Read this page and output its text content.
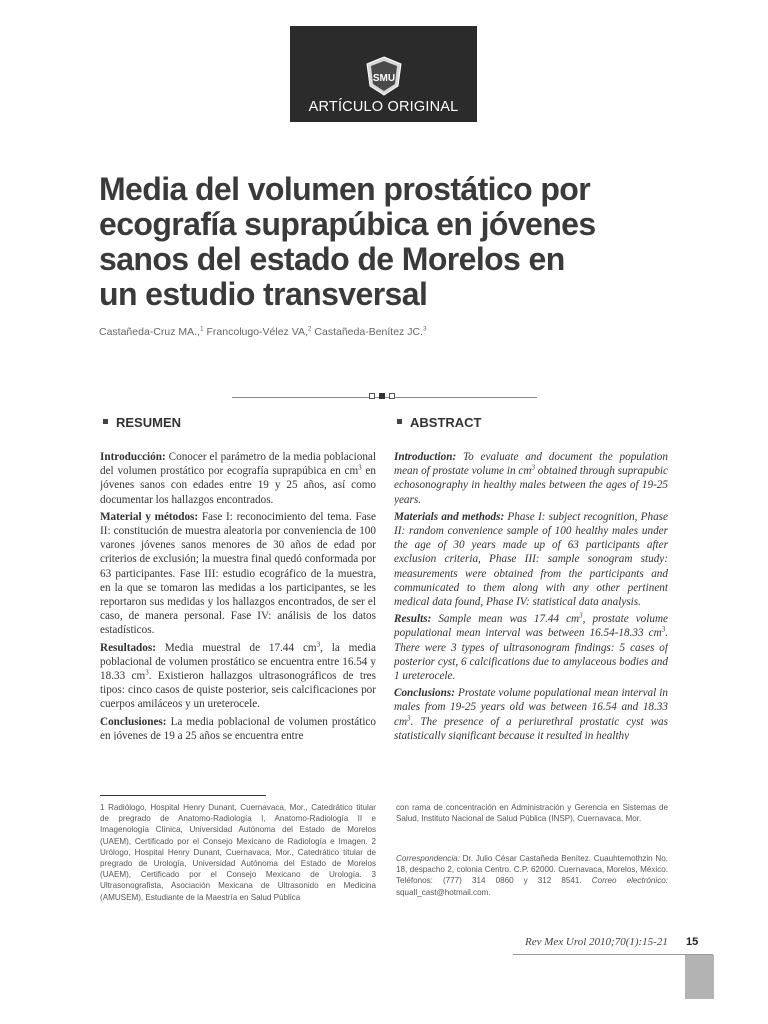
SMU
ARTÍCULO ORIGINAL
Media del volumen prostático por
ecografía suprapúbica en jóvenes
sanos del estado de Morelos en
un estudio transversal
Castañeda-Cruz MA.,$^1$ Francolugo-Vélez VA,$^2$ Castañeda-Benítez JC.$^3$
RESUMEN	ABSTRACT

Introducción: Conocer el parámetro de la media poblacional del volumen prostático por ecografía suprapúbica en $cm^3$ en jóvenes sanos con edades entre 19 y 25 años, así como documentar los hallazgos encontrados.

Material y métodos: Fase I: reconocimiento del tema. Fase II: constitución de muestra aleatoria por conveniencia de 100 varones jóvenes sanos menores de 30 años de edad por criterios de exclusión; la muestra final quedó conformada por 63 participantes. Fase III: estudio ecográfico de la muestra, en la que se tomaron las medidas a los participantes, se les reportaron sus medidas y los hallazgos encontrados, de ser el caso, de manera personal. Fase IV: análisis de los datos estadísticos.

Resultados: Media muestral de 17.44 $cm^3$, la media poblacional de volumen prostático se encuentra entre 16.54 y 18.33 $cm^3$. Existieron hallazgos ultrasonográficos de tres tipos: cinco casos de quiste posterior, seis calcificaciones por cuerpos amiláceos y un ureterocele.

Conclusiones: La media poblacional de volumen prostático en jóvenes de 19 a 25 años se encuentra entre

Introduction: To evaluate and document the population mean of prostate volume in $cm^3$ obtained through suprapubic echosonography in healthy males between the ages of 19-25 years.

Materials and methods: Phase I: subject recognition, Phase II: random convenience sample of 100 healthy males under the age of 30 years made up of 63 participants after exclusion criteria, Phase III: sample sonogram study: measurements were obtained from the participants and communicated to them along with any other pertinent medical data found, Phase IV: statistical data analysis.

Results: Sample mean was 17.44 $cm^3$, prostate volume populational mean interval was between 16.54-18.33 $cm^3$. There were 3 types of ultrasonogram findings: 5 cases of posterior cyst, 6 calcifications due to amylaceous bodies and 1 ureterocele.

Conclusions: Prostate volume populational mean interval in males from 19-25 years old was between 16.54 and 18.33 $cm^3$. The presence of a periurethral prostatic cyst was statistically significant because it resulted in healthy

1 Radiólogo, Hospital Henry Dunant, Cuernavaca, Mor., Catedrático titular de pregrado de Anatomo-Radiología I, Anatomo-Radiología II e Imagenología Clínica, Universidad Autónoma del Estado de Morelos (UAEM), Certificado por el Consejo Mexicano de Radiología e Imagen. 2 Urólogo, Hospital Henry Dunant, Cuernavaca, Mor., Catedrático titular de pregrado de Urología, Universidad Autónoma del Estado de Morelos (UAEM), Certificado por el Consejo Mexicano de Urología. 3 Ultrasonografista, Asociación Mexicana de Ultrasonido en Medicina (AMUSEM), Estudiante de la Maestría en Salud Pública
con rama de concentración en Administración y Gerencia en Sistemas de Salud, Instituto Nacional de Salud Pública (INSP), Cuernavaca, Mor.
Correspondencia: Dr. Julio César Castañeda Benítez. Cuauhtemothzin No. 18, despacho 2, colonia Centro. C.P. 62000. Cuernavaca, Morelos, México. Teléfonos: (777) 314 0860 y 312 8541. Correo electrónico: squall_cast@hotmail.com.
Rev Mex Urol 2010;70(1):15-21 15
